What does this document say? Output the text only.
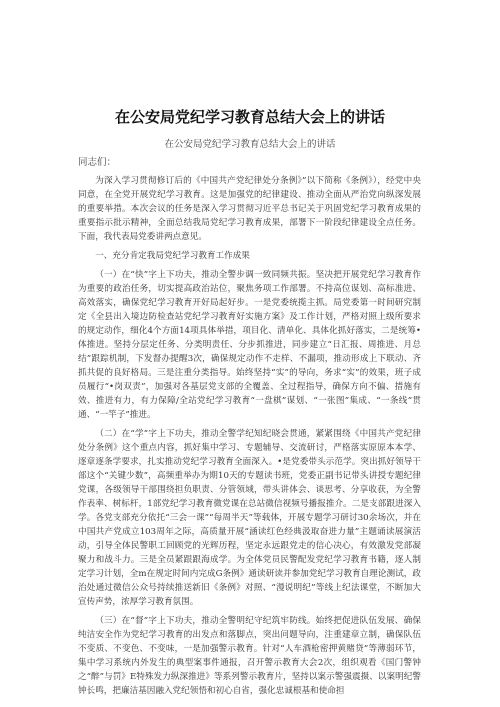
在公安局党纪学习教育总结大会上的讲话
在公安局党纪学习教育总结大会上的讲话
同志们：

为深入学习贯彻修订后的《中国共产党纪律处分条例》”以下简称《条例》），经党中央同意，在全党开展党纪学习教育。这是加强党的纪律建设、推动全面从严治党向纵深发展的重要举措。本次会议的任务是深入学习贯彻习近平总书记关于巩固党纪学习教育成果的重要指示批示精神，全面总结我局党纪学习教育成果，部署下一阶段纪律建设全点任务。下面，我代表局党委讲两点意见。

一、充分肯定我局党纪学习教育工作成果

（一）在“快”字上下功夫，推动全警步调一致同频共振。坚决把开展党纪学习教育作为重要的政治任务，切实提高政治站位，聚焦务项工作部署。不持高位谋划、高标准进、高效落实，确保党纪学习教育开好局起好步。一是党委统揽主抓。局党委第一时间研究制定《全县出入境边防检查站党纪学习教育好实施方案》及工作计划，严格对照上级所要求的规定动作，细化4个方面14项具体举措，项目化、清单化、具体化抓好落实，二是统筹•体推进。坚持分层定任务、分类明责任、分步抓推进，同步建立“日汇报、周推进、月总结”跟踪机制，下发督办提醒3次，确保规定动作不走样、不漏项，推动形成上下联动、齐抓共促的良好格局。三是注重分类指导。始终坚持“实”的导向，务求“实”的效果，班子成员履行“•岗双责”，加强对各基层党支部的全覆盖、全过程指导，确保方向不偏、措施有效、推进有力，有力保障/全站党纪学习教育“一盘棋”谋划、“一张图”集成、“一条线”贯通、“一竿子”推进。

（二）在“学”字上下功夫，推动全警学纪知纪晓会贯通，紧紧围绕《中国共产党纪律处分条例》这个重点内容，抓好集中学习、专题辅导、交流研讨，严格落实原原本本学、逐章逐条学要求，扎实推动党纪学习教育全面深入。•是党委带头示范学。突出抓好领导干部这个“关键少数”，高频重举办为期10天的专题读书班，党委正副书记带头讲授专题纪律党课，各级领导干部围绕担负职责、分管领域，带头讲体会、谈思考、分享收获，为全警作表率、树标杆，1部党纪学习教育微党课在总站微信视频号播报推介。二是支部跟进深入学。各党支部充分依托“三会一课”“每周半天”等载体，开展专题学习研讨30余场次，并在中国共产党成立103周年之际，高质量开展“涵读红色经典汲取奋进力量”主题诵读展演活动，引导全体民警职工回顾党的光辉历程，坚定永远跟党走的信心决心，有效激发党部凝聚力和战斗力。三是全员紧跟跟海成学。为全体党员民警配发党纪学习教育书籍，逐人制定学习计划，全m在规定时间内完成G条例》通读研读并参加党纪学习教育自理论测试，政治处通过微信公众号持续推送新旧《条例》对照、“漫说明纪”等线上纪法课堂，不断加大宣传声势，浓厚学习教育氛围。

（三）在“督”字上下功夫，推动全警明纪守纪筑牢防线。始终把促进队伍发展、确保纯洁安全作为党纪学习教育的出发点和落脚点，突出问题导向，注重建章立制，确保队伍不变质、不变色、不变味，一是加强警示教育。针对“人车酒枪密押黄赌贷”等薄弱环节，集中学习系统内外发生的典型案事件通报，召开警示教育大会2次，组织观看《国门警钟之“醉”与罚》E特殊发力纵深推进》等系列警示教育片，坚持以案示警强震摄、以案明纪警钟长鸣，把廉洁基因融入党纪领悟和初心自省，强化忠诚根基和使命担
